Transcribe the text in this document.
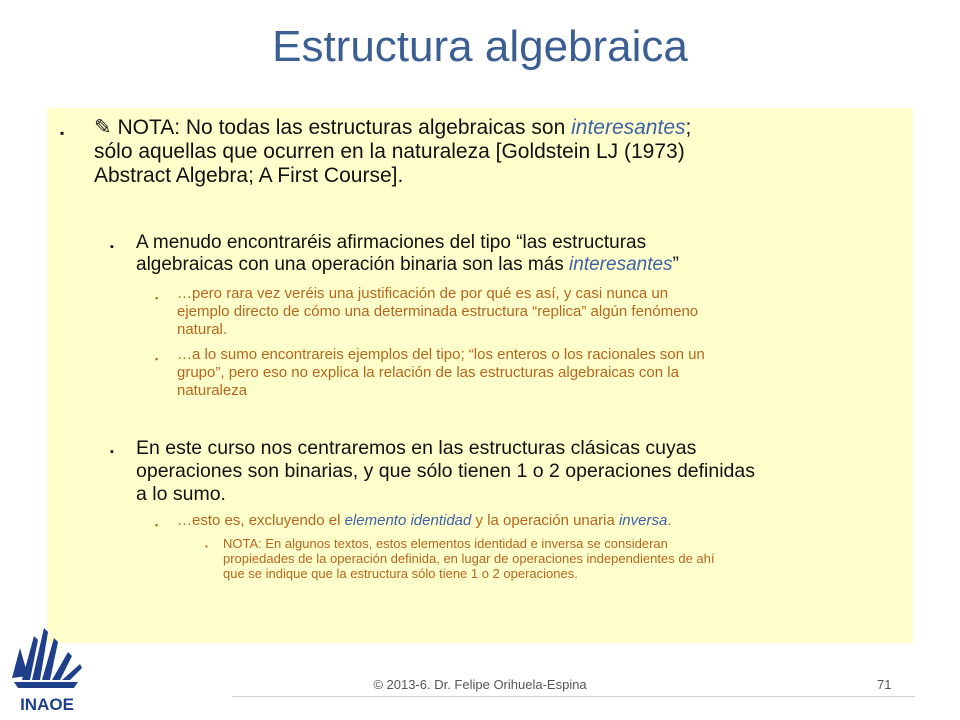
Estructura algebraica
▪ ✎ NOTA: No todas las estructuras algebraicas son interesantes;
sólo aquellas que ocurren en la naturaleza [Goldstein LJ (1973)
Abstract Algebra; A First Course].
▪ A menudo encontraréis afirmaciones del tipo “las estructuras
algebraicas con una operación binaria son las más interesantes”
▪ …pero rara vez veréis una justificación de por qué es así, y casi nunca un
ejemplo directo de cómo una determinada estructura “replica” algún fenómeno
natural.
▪ …a lo sumo encontrareis ejemplos del tipo; “los enteros o los racionales son un
grupo”, pero eso no explica la relación de las estructuras algebraicas con la
naturaleza
▪ En este curso nos centraremos en las estructuras clásicas cuyas
operaciones son binarias, y que sólo tienen 1 o 2 operaciones definidas
a lo sumo.
▪ …esto es, excluyendo el elemento identidad y la operación unaria inversa.
▪ NOTA: En algunos textos, estos elementos identidad e inversa se consideran
propiedades de la operación definida, en lugar de operaciones independientes de ahí
que se indique que la estructura sólo tiene 1 o 2 operaciones.
INAOE
© 2013-6. Dr. Felipe Orihuela-Espina	71
